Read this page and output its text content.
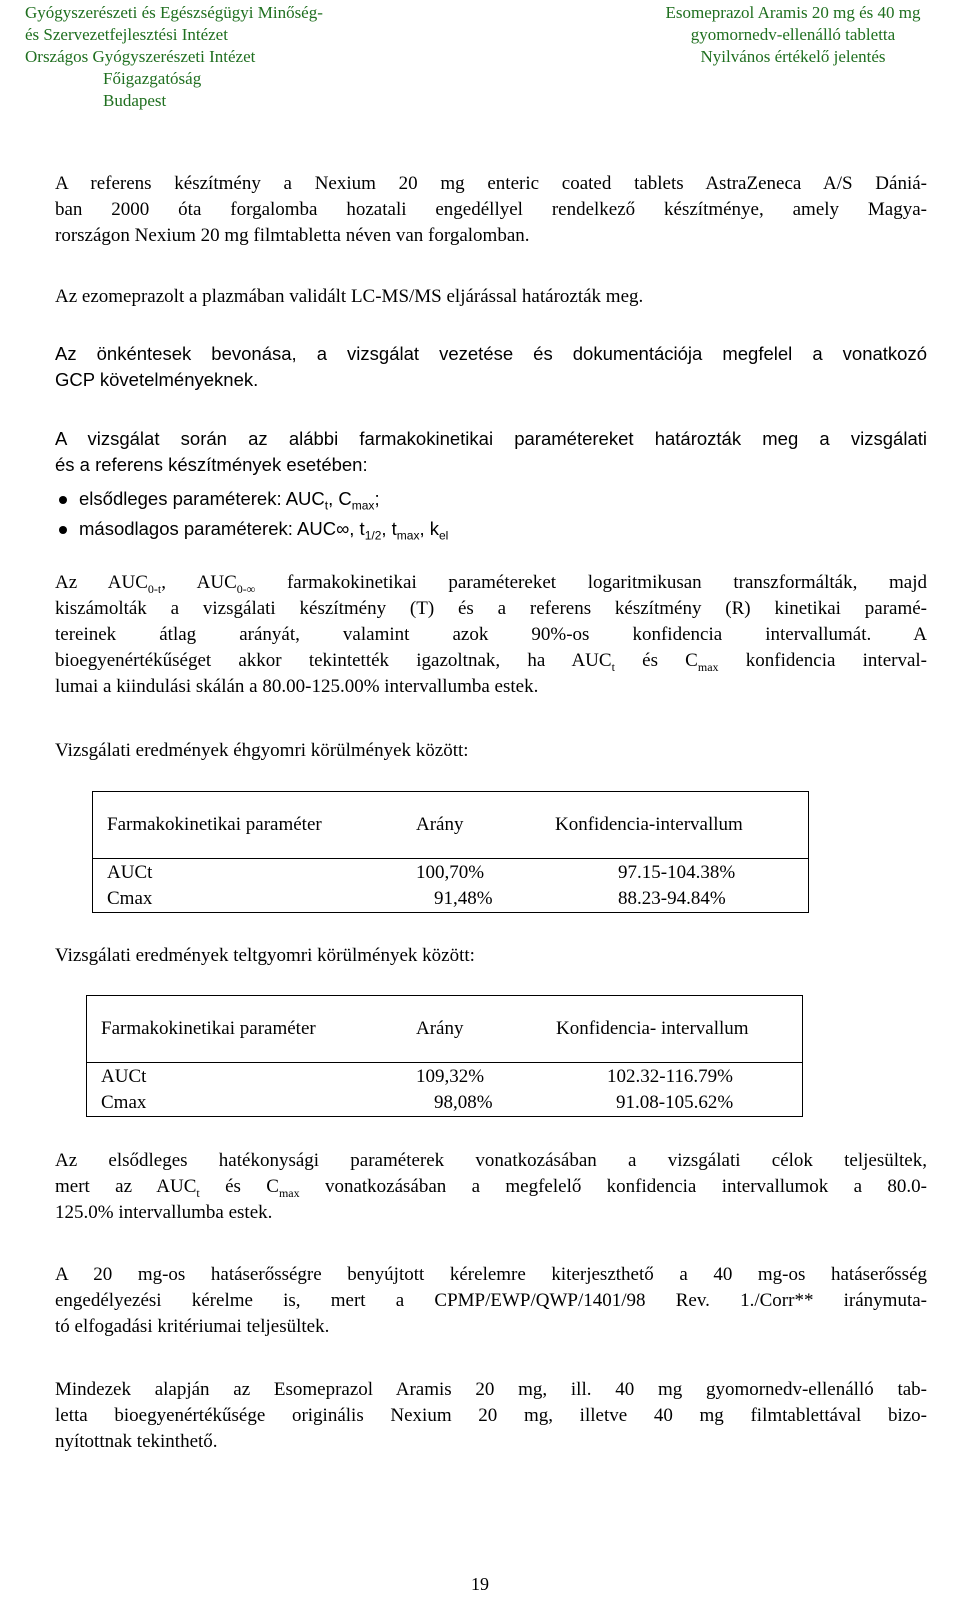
Gyógyszerészeti és Egészségügyi Minőség-
és Szervezetfejlesztési Intézet
Országos Gyógyszerészeti Intézet
Főigazgatóság
Budapest
Esomeprazol Aramis 20 mg és 40 mg
gyomornedv-ellenálló tabletta
Nyilvános értékelő jelentés
A referens készítmény a Nexium 20 mg enteric coated tablets AstraZeneca A/S Dániá-
ban 2000 óta forgalomba hozatali engedéllyel rendelkező készítménye, amely Magya-
rországon Nexium 20 mg filmtabletta néven van forgalomban.
Az ezomeprazolt a plazmában validált LC-MS/MS eljárással határozták meg.
Az önkéntesek bevonása, a vizsgálat vezetése és dokumentációja megfelel a vonatkozó
GCP követelményeknek.
A vizsgálat során az alábbi farmakokinetikai paramétereket határozták meg a vizsgálati
és a referens készítmények esetében:
elsődleges paraméterek: $AUC_t$, $C_{max}$;
másodlagos paraméterek: AUC∞, $t_{1/2}$, $t_{max}$, $k_{el}$
Az $AUC_{0-t}$, $AUC_{0-\infty}$ farmakokinetikai paramétereket logaritmikusan transzformálták, majd
kiszámolták a vizsgálati készítmény (T) és a referens készítmény (R) kinetikai paramé-
tereinek átlag arányát, valamint azok 90%-os konfidencia intervallumát. A
bioegyenértékűséget akkor tekintették igazoltnak, ha $AUC_t$ és $C_{max}$ konfidencia interval-
lumai a kiindulási skálán a 80.00-125.00% intervallumba estek.
Vizsgálati eredmények éhgyomri körülmények között:
Farmakokinetikai paraméter	Arány	Konfidencia-intervallum
AUCt	100,70%	97.15-104.38%
Cmax	91,48%	88.23-94.84%
Vizsgálati eredmények teltgyomri körülmények között:
Farmakokinetikai paraméter	Arány	Konfidencia- intervallum
AUCt	109,32%	102.32-116.79%
Cmax	98,08%	91.08-105.62%
Az elsődleges hatékonysági paraméterek vonatkozásában a vizsgálati célok teljesültek,
mert az $AUC_t$ és $C_{max}$ vonatkozásában a megfelelő konfidencia intervallumok a 80.0-
125.0% intervallumba estek.
A 20 mg-os hatáserősségre benyújtott kérelemre kiterjeszthető a 40 mg-os hatáserősség
engedélyezési kérelme is, mert a CPMP/EWP/QWP/1401/98 Rev. 1./Corr** iránymuta-
tó elfogadási kritériumai teljesültek.
Mindezek alapján az Esomeprazol Aramis 20 mg, ill. 40 mg gyomornedv-ellenálló tab-
letta bioegyenértékűsége originális Nexium 20 mg, illetve 40 mg filmtablettával bizo-
nyítottnak tekinthető.
19
